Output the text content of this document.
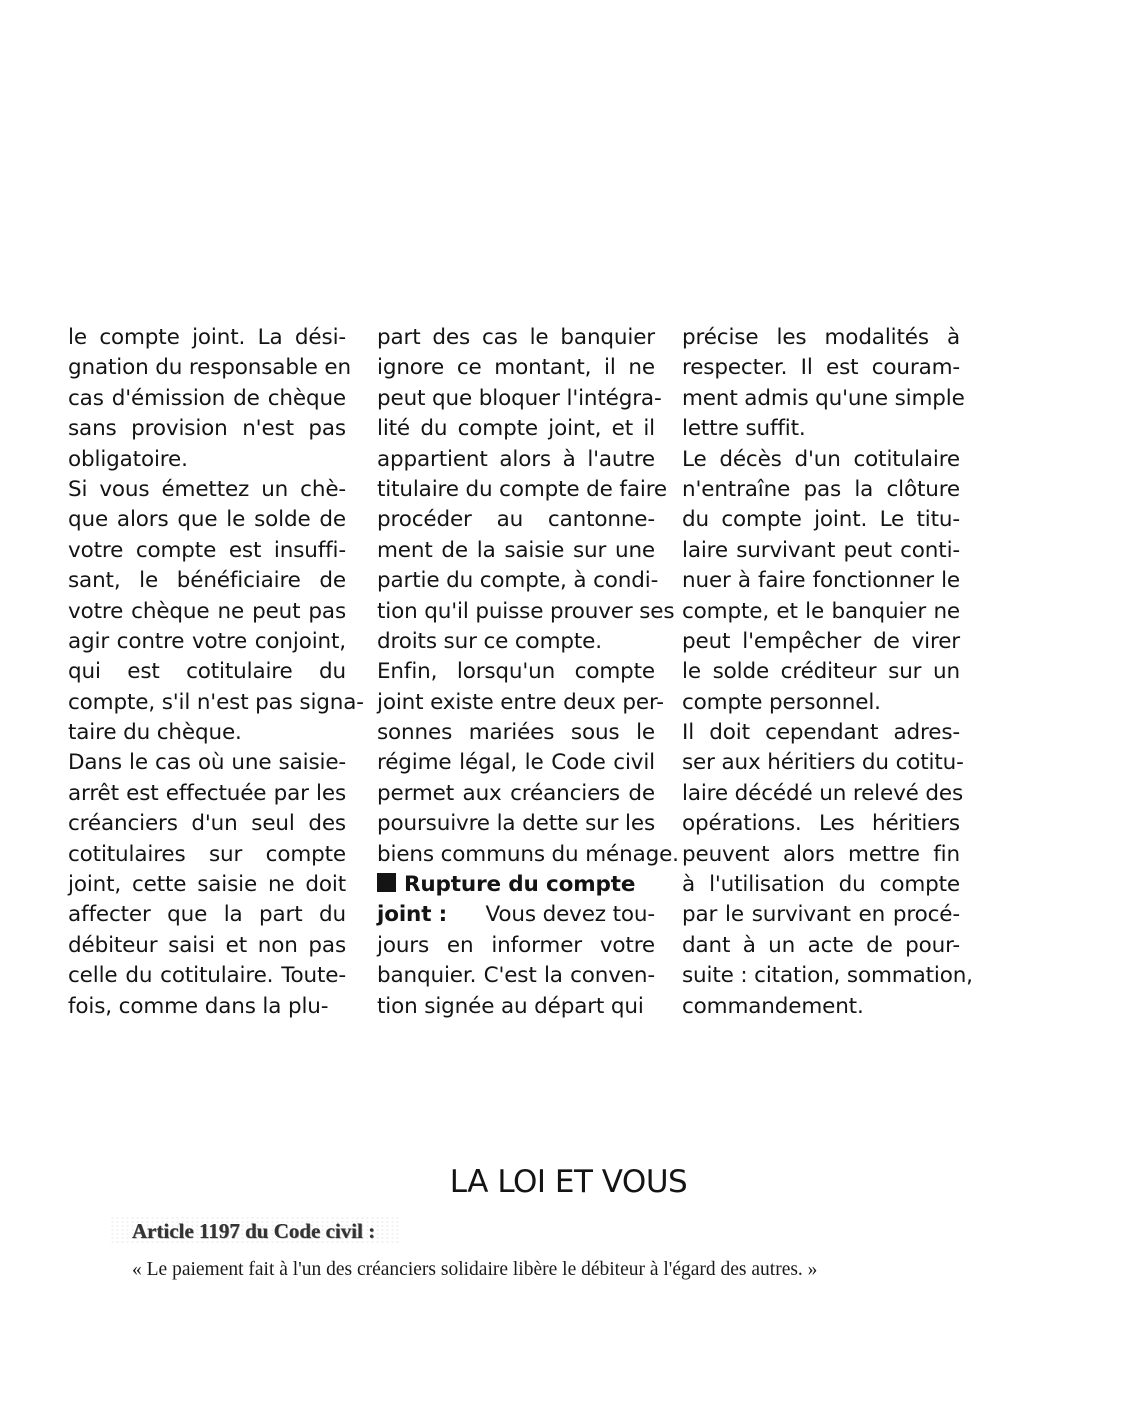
le compte joint. La dési-
gnation du responsable en
cas d'émission de chèque
sans provision n'est pas
obligatoire.
Si vous émettez un chè-
que alors que le solde de
votre compte est insuffi-
sant, le bénéficiaire de
votre chèque ne peut pas
agir contre votre conjoint,
qui est cotitulaire du
compte, s'il n'est pas signa-
taire du chèque.
Dans le cas où une saisie-
arrêt est effectuée par les
créanciers d'un seul des
cotitulaires sur compte
joint, cette saisie ne doit
affecter que la part du
débiteur saisi et non pas
celle du cotitulaire. Toute-
fois, comme dans la plu-
part des cas le banquier
ignore ce montant, il ne
peut que bloquer l'intégra-
lité du compte joint, et il
appartient alors à l'autre
titulaire du compte de faire
procéder au cantonne-
ment de la saisie sur une
partie du compte, à condi-
tion qu'il puisse prouver ses
droits sur ce compte.
Enfin, lorsqu'un compte
joint existe entre deux per-
sonnes mariées sous le
régime légal, le Code civil
permet aux créanciers de
poursuivre la dette sur les
biens communs du ménage.
Rupture du compte
joint : Vous devez tou-
jours en informer votre
banquier. C'est la conven-
tion signée au départ qui
précise les modalités à
respecter. Il est couram-
ment admis qu'une simple
lettre suffit.
Le décès d'un cotitulaire
n'entraîne pas la clôture
du compte joint. Le titu-
laire survivant peut conti-
nuer à faire fonctionner le
compte, et le banquier ne
peut l'empêcher de virer
le solde créditeur sur un
compte personnel.
Il doit cependant adres-
ser aux héritiers du cotitu-
laire décédé un relevé des
opérations. Les héritiers
peuvent alors mettre fin
à l'utilisation du compte
par le survivant en procé-
dant à un acte de pour-
suite : citation, sommation,
commandement.
LA LOI ET VOUS
Article 1197 du Code civil :
« Le paiement fait à l'un des créanciers solidaire libère le débiteur à l'égard des autres. »
